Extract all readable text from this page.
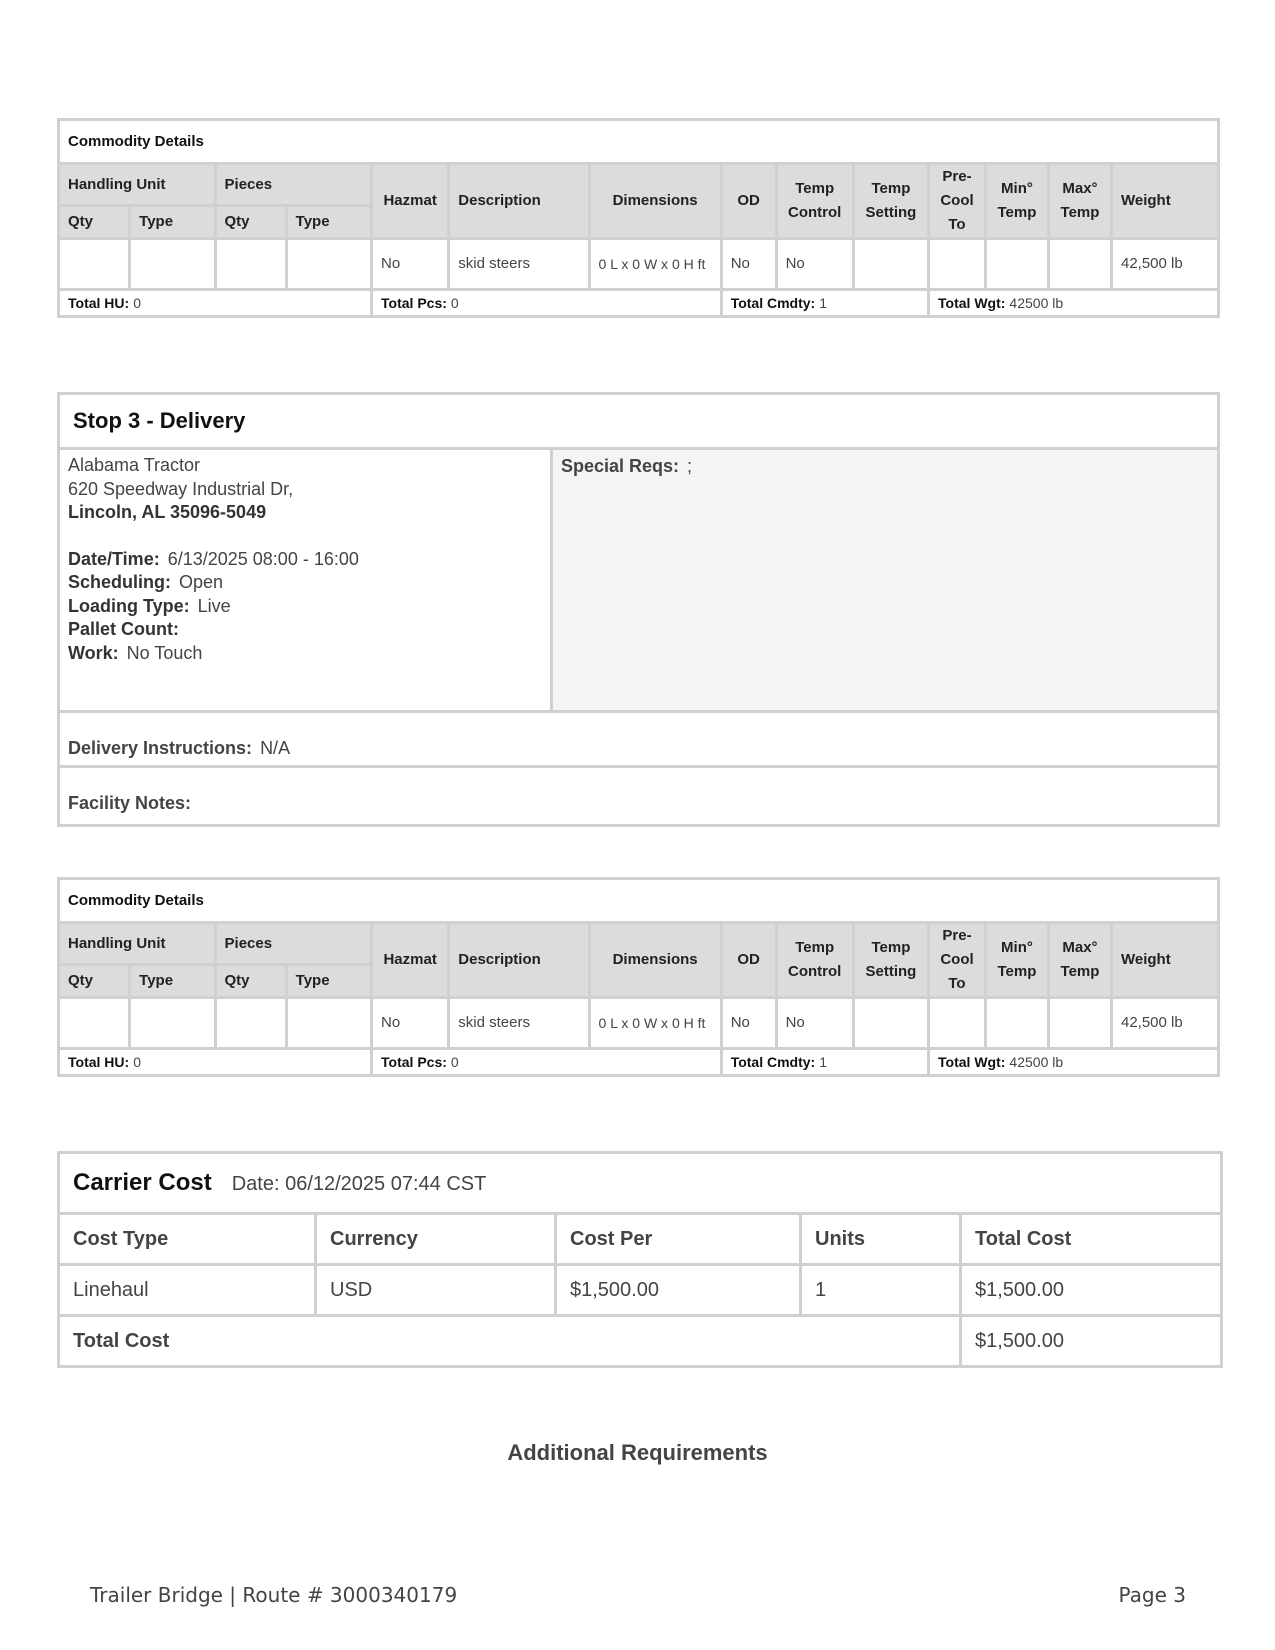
Commodity Details													
Handling Unit		Pieces		Hazmat	Description	Dimensions	OD	Temp Control	Temp Setting	Pre-Cool To	Min° Temp	Max° Temp	Weight
Qty	Type	Qty	Type										
				No	skid steers	0 L x 0 W x 0 H ft	No	No					42,500 lb
Total HU: 0				Total Pcs: 0			Total Cmdty: 1			Total Wgt: 42500 lb			
Stop 3 - Delivery
Alabama Tractor
620 Speedway Industrial Dr,
Lincoln, AL 35096-5049
Date/Time: 6/13/2025 08:00 - 16:00
Scheduling: Open
Loading Type: Live
Pallet Count:
Work: No Touch
Special Reqs: ;
Delivery Instructions: N/A
Facility Notes:
Commodity Details													
Handling Unit		Pieces		Hazmat	Description	Dimensions	OD	Temp Control	Temp Setting	Pre-Cool To	Min° Temp	Max° Temp	Weight
Qty	Type	Qty	Type										
				No	skid steers	0 L x 0 W x 0 H ft	No	No					42,500 lb
Total HU: 0				Total Pcs: 0			Total Cmdty: 1			Total Wgt: 42500 lb			
Carrier Cost Date: 06/12/2025 07:44 CST				
Cost Type	Currency	Cost Per	Units	Total Cost
Linehaul	USD	$1,500.00	1	$1,500.00
Total Cost				$1,500.00
Additional Requirements
Trailer Bridge | Route # 3000340179	Page 3
